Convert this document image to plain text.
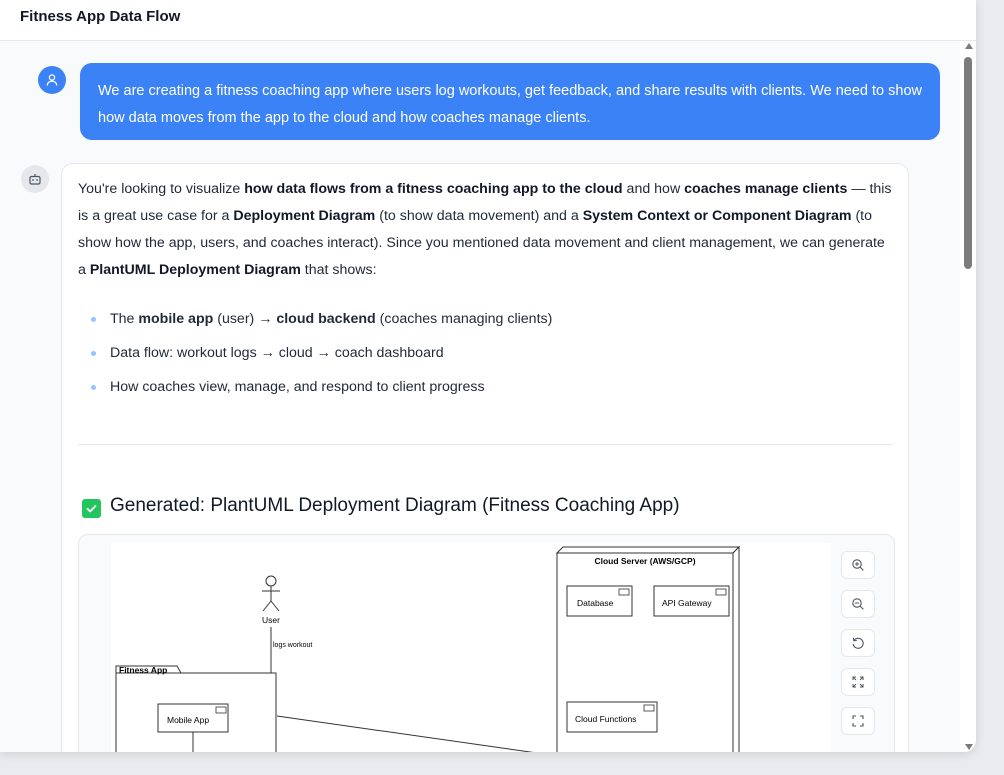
Fitness App Data Flow
We are creating a fitness coaching app where users log workouts, get feedback, and share results with clients. We need to show how data moves from the app to the cloud and how coaches manage clients.
You're looking to visualize how data flows from a fitness coaching app to the cloud and how coaches manage clients — this is a great use case for a Deployment Diagram (to show data movement) and a System Context or Component Diagram (to show how the app, users, and coaches interact). Since you mentioned data movement and client management, we can generate a PlantUML Deployment Diagram that shows:
The mobile app (user) → cloud backend (coaches managing clients)
Data flow: workout logs → cloud → coach dashboard
How coaches view, manage, and respond to client progress
Generated: PlantUML Deployment Diagram (Fitness Coaching App)
Cloud Server (AWS/GCP)
Database	API Gateway
Cloud Functions
User
logs workout
Fitness App
Mobile App
